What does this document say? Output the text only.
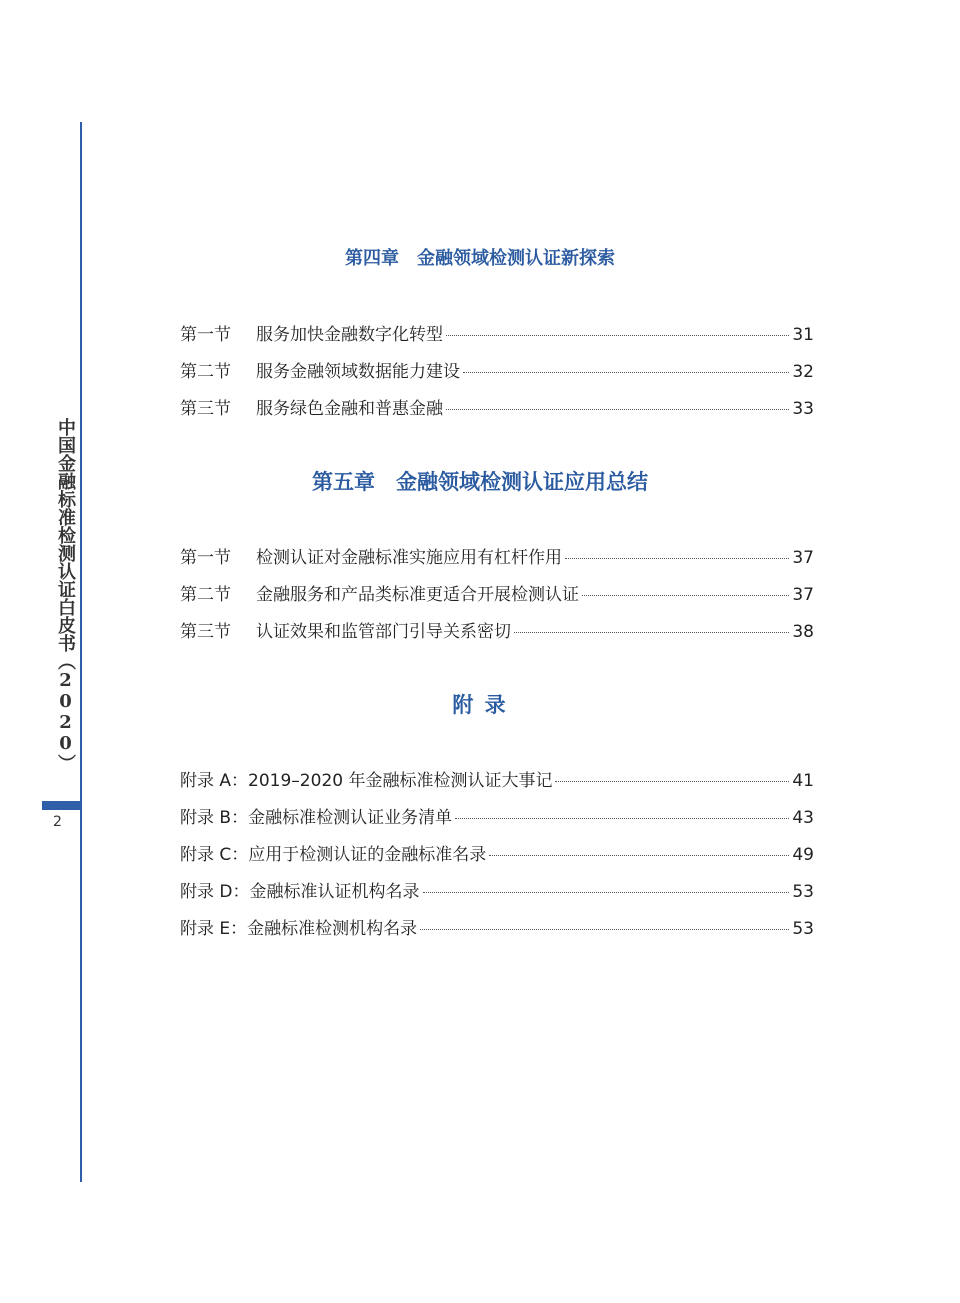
中国金融标准检测认证白皮书（2020）
2
第四章　金融领域检测认证新探索
第一节	服务加快金融数字化转型	31
第二节	服务金融领域数据能力建设	32
第三节	服务绿色金融和普惠金融	33
第五章　金融领域检测认证应用总结
第一节	检测认证对金融标准实施应用有杠杆作用	37
第二节	金融服务和产品类标准更适合开展检测认证	37
第三节	认证效果和监管部门引导关系密切	38
附 录
附录 A： 2019–2020 年金融标准检测认证大事记	41
附录 B： 金融标准检测认证业务清单	43
附录 C： 应用于检测认证的金融标准名录	49
附录 D： 金融标准认证机构名录	53
附录 E： 金融标准检测机构名录	53
